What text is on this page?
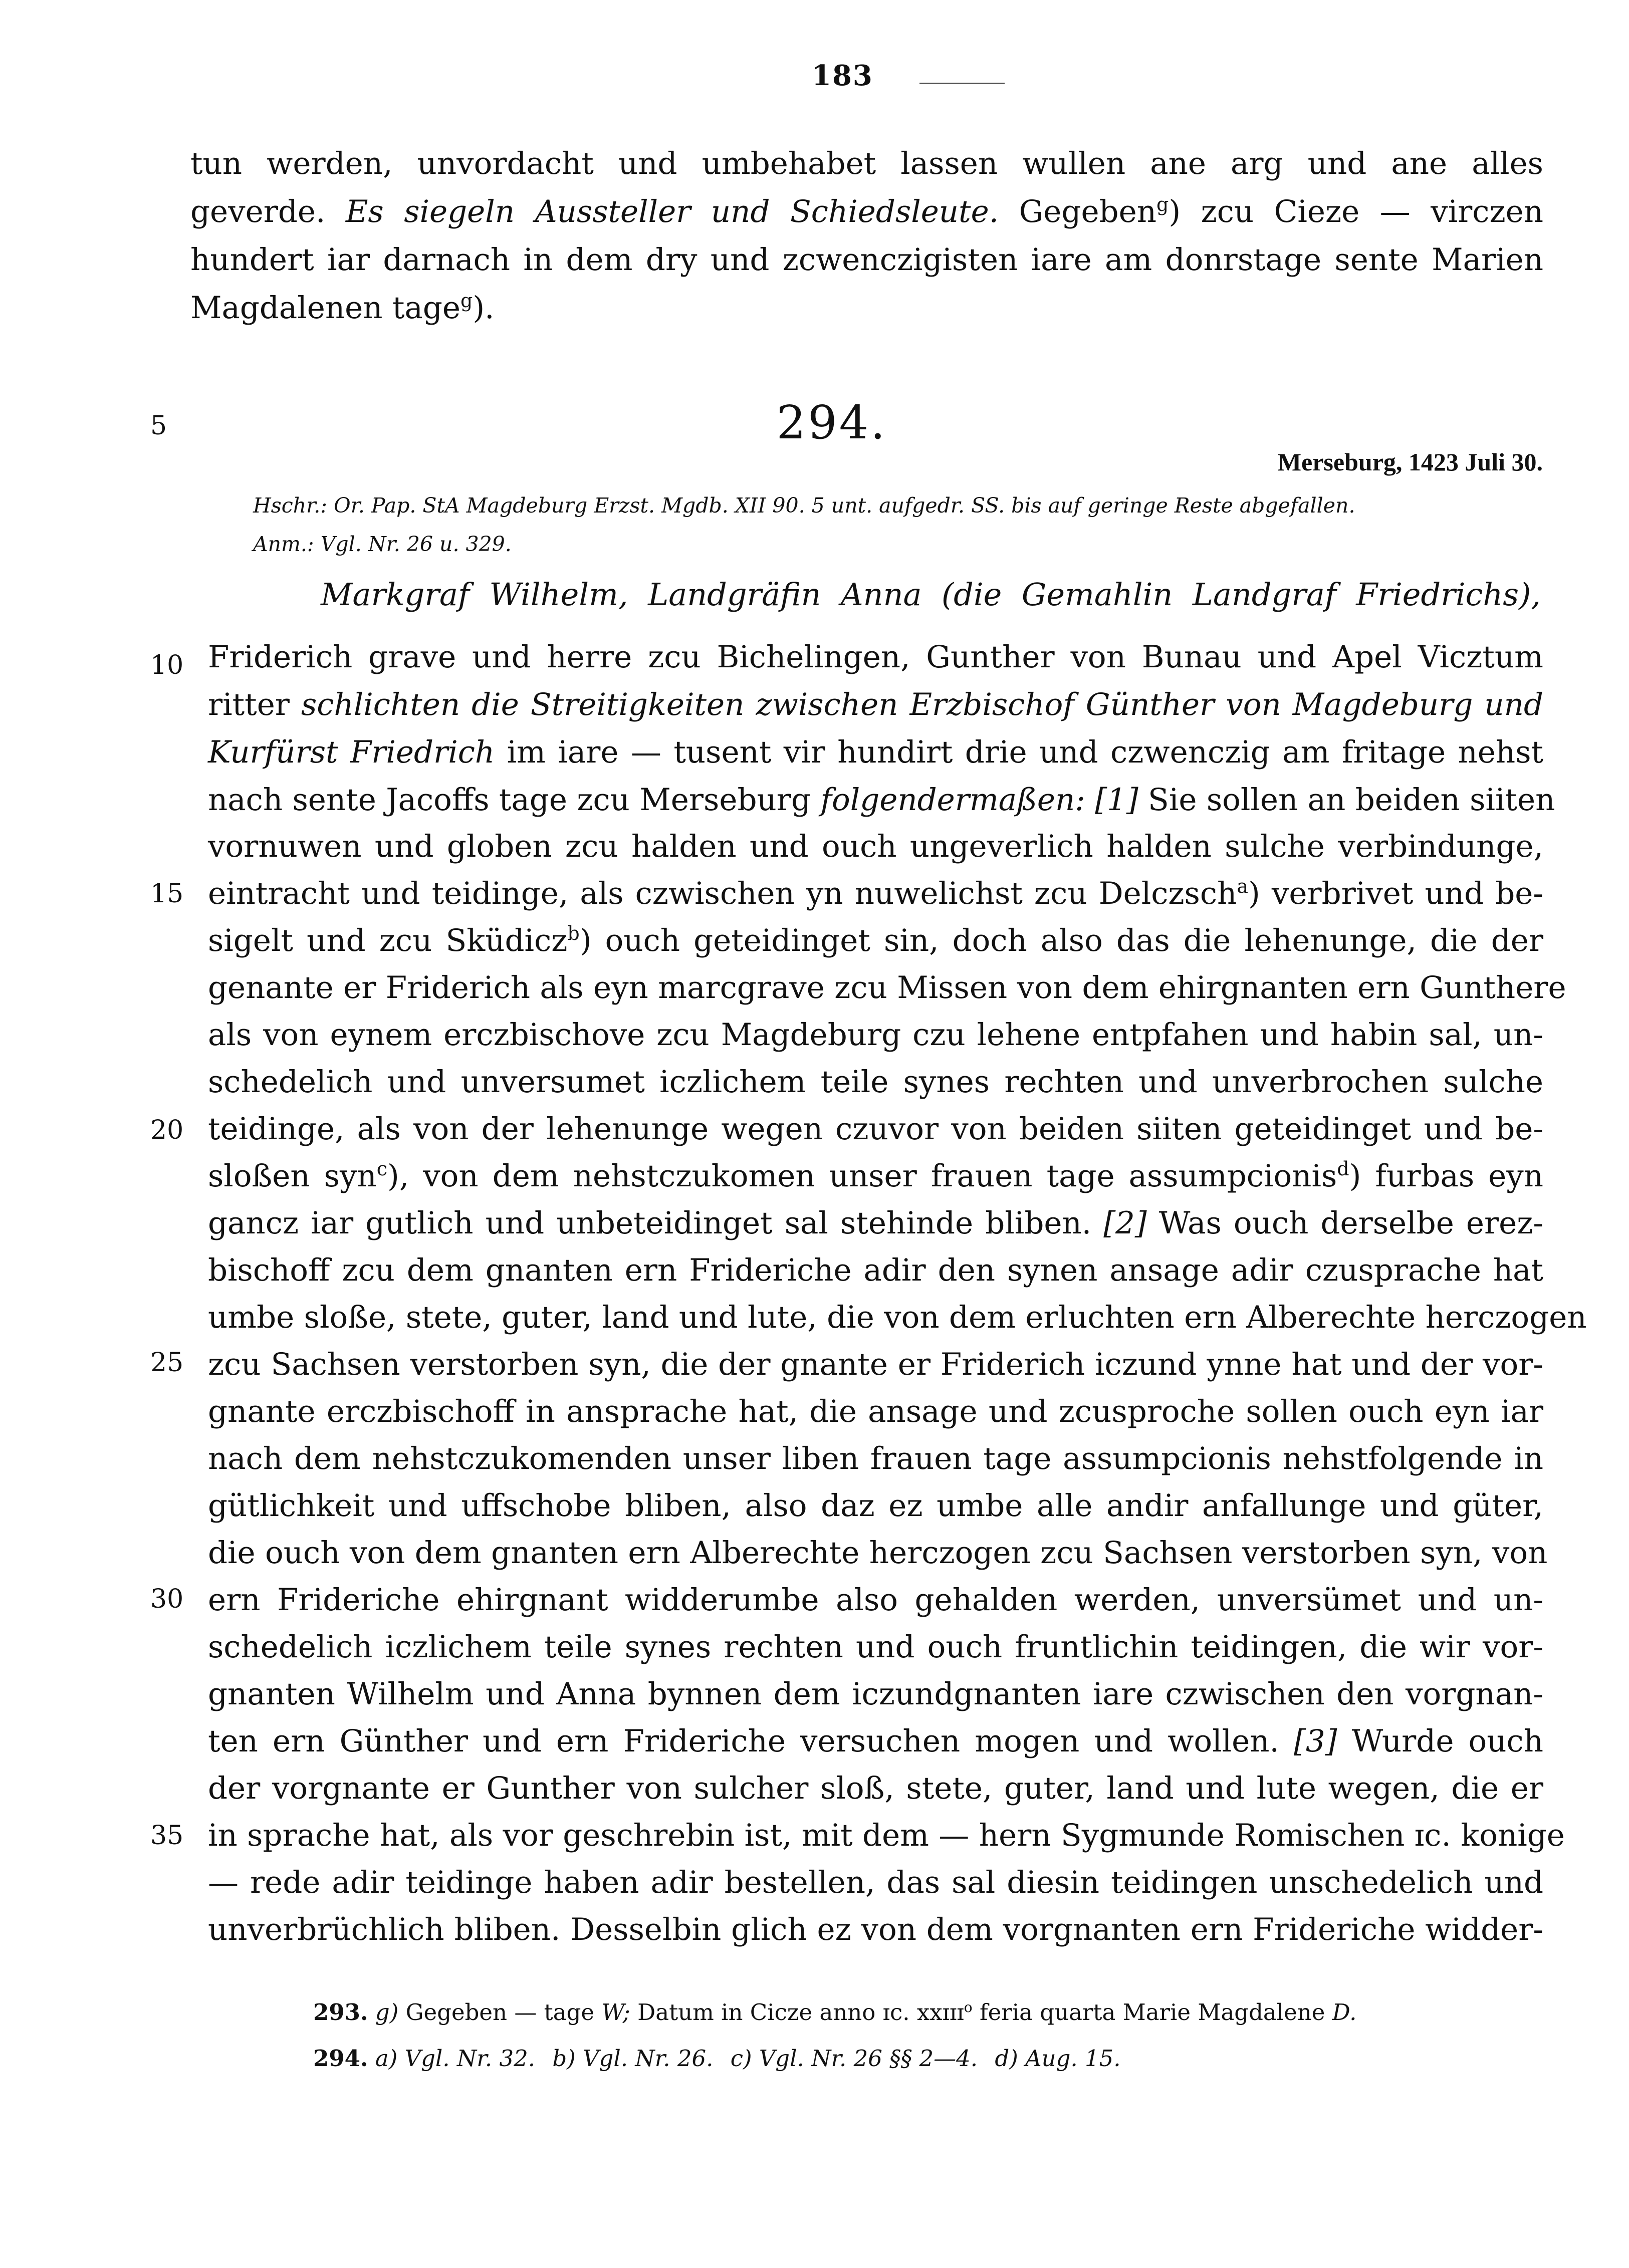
183
tun werden, unvordacht und umbehabet lassen wullen ane arg und ane alles
geverde. Es siegeln Aussteller und Schiedsleute. Gegeben$^g$) zcu Cieze — virczen
hundert iar darnach in dem dry und zcwenczigisten iare am donrstage sente Marien
Magdalenen tage$^g$).
5
10
15
20
25
30
35
294.
Merseburg, 1423 Juli 30.
Hschr.: Or. Pap. StA Magdeburg Erzst. Mgdb. XII 90. 5 unt. aufgedr. SS. bis auf geringe Reste abgefallen.
Anm.: Vgl. Nr. 26 u. 329.
Markgraf Wilhelm, Landgräfin Anna (die Gemahlin Landgraf Friedrichs),
Friderich grave und herre zcu Bichelingen, Gunther von Bunau und Apel Vicztum
ritter schlichten die Streitigkeiten zwischen Erzbischof Günther von Magdeburg und
Kurfürst Friedrich im iare — tusent vir hundirt drie und czwenczig am fritage nehst
nach sente Jacoffs tage zcu Merseburg folgendermaßen: [1] Sie sollen an beiden siiten
vornuwen und globen zcu halden und ouch ungeverlich halden sulche verbindunge,
eintracht und teidinge, als czwischen yn nuwelichst zcu Delczsch$^a$) verbrivet und be-
sigelt und zcu Sküdicz$^b$) ouch geteidinget sin, doch also das die lehenunge, die der
genante er Friderich als eyn marcgrave zcu Missen von dem ehirgnanten ern Gunthere
als von eynem erczbischove zcu Magdeburg czu lehene entpfahen und habin sal, un-
schedelich und unversumet iczlichem teile synes rechten und unverbrochen sulche
teidinge, als von der lehenunge wegen czuvor von beiden siiten geteidinget und be-
sloßen syn$^c$), von dem nehstczukomen unser frauen tage assumpcionis$^d$) furbas eyn
gancz iar gutlich und unbeteidinget sal stehinde bliben. [2] Was ouch derselbe erez-
bischoff zcu dem gnanten ern Frideriche adir den synen ansage adir czusprache hat
umbe sloße, stete, guter, land und lute, die von dem erluchten ern Alberechte herczogen
zcu Sachsen verstorben syn, die der gnante er Friderich iczund ynne hat und der vor-
gnante erczbischoff in ansprache hat, die ansage und zcusproche sollen ouch eyn iar
nach dem nehstczukomenden unser liben frauen tage assumpcionis nehstfolgende in
gütlichkeit und uffschobe bliben, also daz ez umbe alle andir anfallunge und güter,
die ouch von dem gnanten ern Alberechte herczogen zcu Sachsen verstorben syn, von
ern Frideriche ehirgnant widderumbe also gehalden werden, unversümet und un-
schedelich iczlichem teile synes rechten und ouch fruntlichin teidingen, die wir vor-
gnanten Wilhelm und Anna bynnen dem iczundgnanten iare czwischen den vorgnan-
ten ern Günther und ern Frideriche versuchen mogen und wollen. [3] Wurde ouch
der vorgnante er Gunther von sulcher sloß, stete, guter, land und lute wegen, die er
in sprache hat, als vor geschrebin ist, mit dem — hern Sygmunde Romischen ɪc. konige
— rede adir teidinge haben adir bestellen, das sal diesin teidingen unschedelich und
unverbrüchlich bliben. Desselbin glich ez von dem vorgnanten ern Frideriche widder-
293. g) Gegeben — tage W; Datum in Cicze anno ɪc. xxɪɪɪ$^o$ feria quarta Marie Magdalene D.
294. a) Vgl. Nr. 32. b) Vgl. Nr. 26. c) Vgl. Nr. 26 §§ 2—4. d) Aug. 15.
